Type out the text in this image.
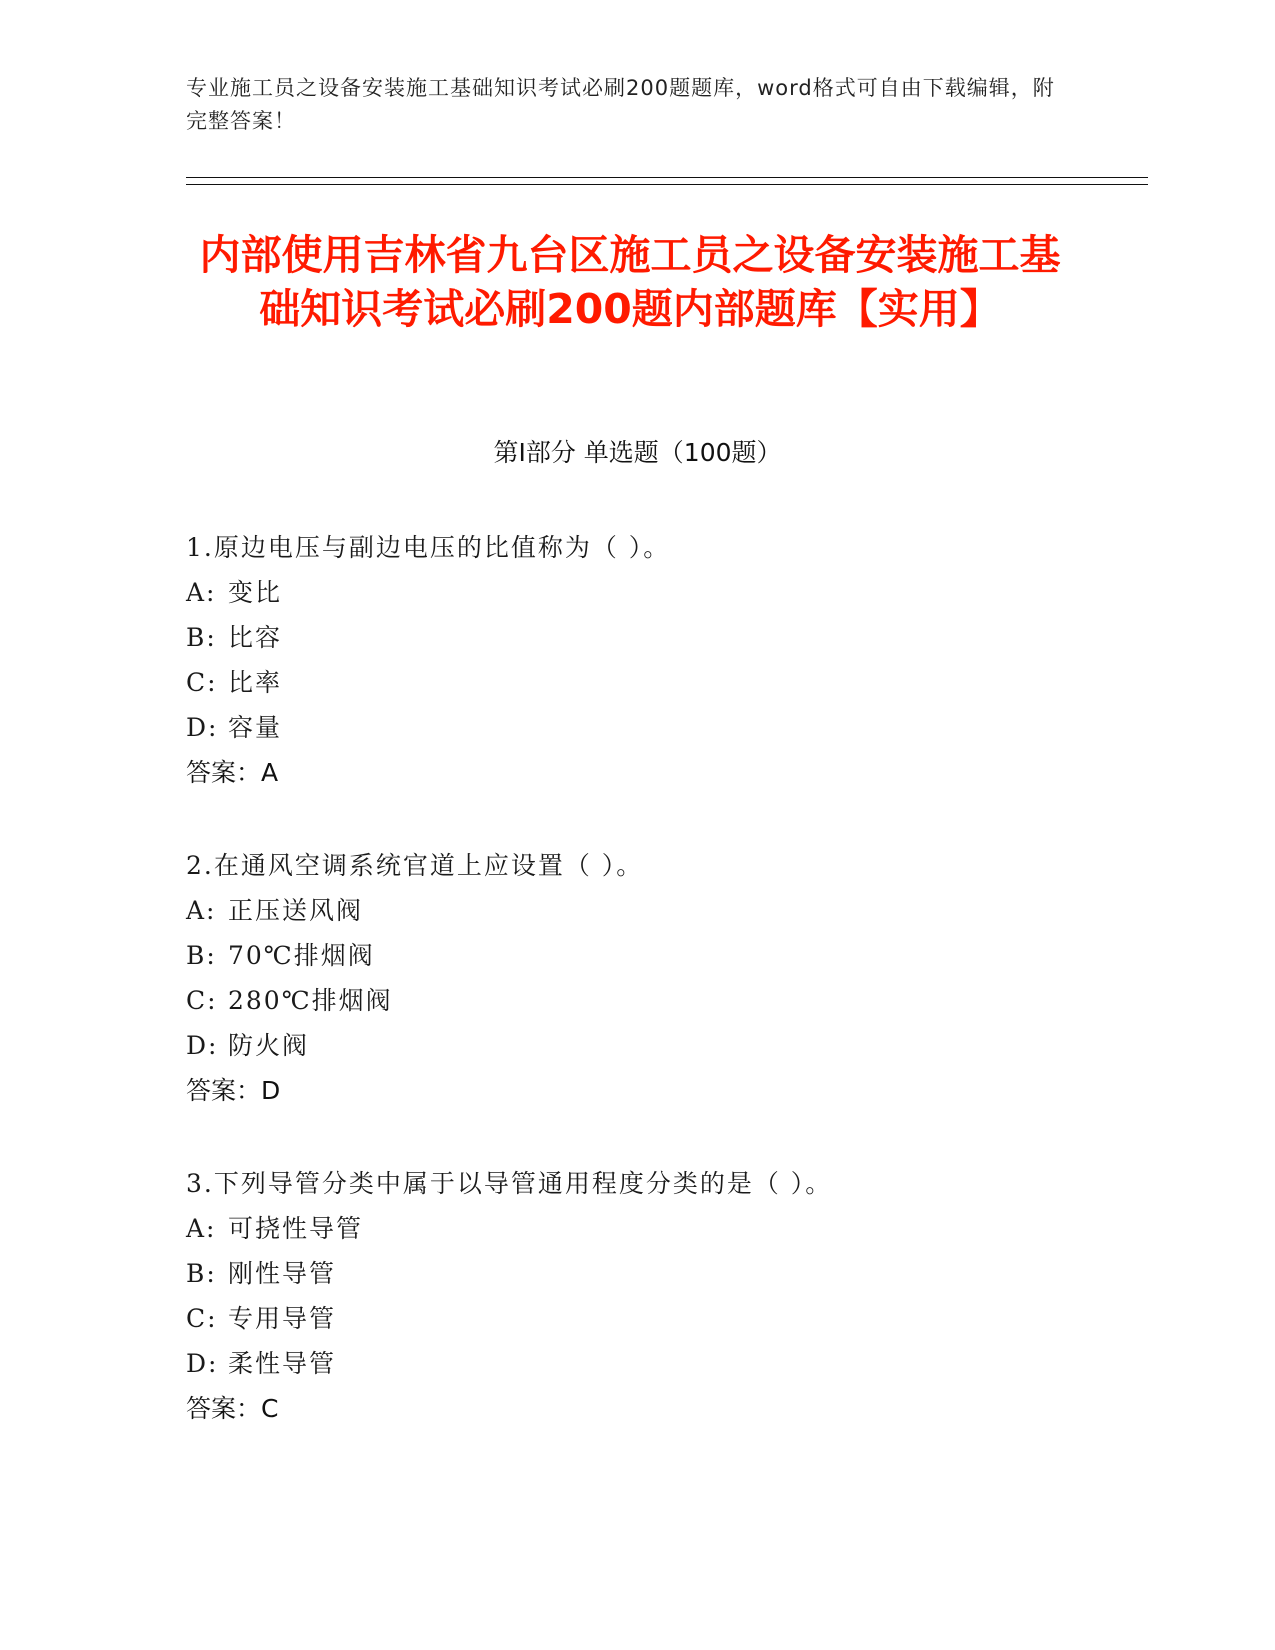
专业施工员之设备安装施工基础知识考试必刷200题题库，word格式可自由下载编辑，附完整答案！
内部使用吉林省九台区施工员之设备安装施工基础知识考试必刷200题内部题库【实用】
第I部分 单选题（100题）
1.原边电压与副边电压的比值称为（ ）。
A: 变比
B: 比容
C: 比率
D: 容量
答案：A
2.在通风空调系统官道上应设置（ ）。
A: 正压送风阀
B: 70℃排烟阀
C: 280℃排烟阀
D: 防火阀
答案：D
3.下列导管分类中属于以导管通用程度分类的是（ ）。
A: 可挠性导管
B: 刚性导管
C: 专用导管
D: 柔性导管
答案：C
